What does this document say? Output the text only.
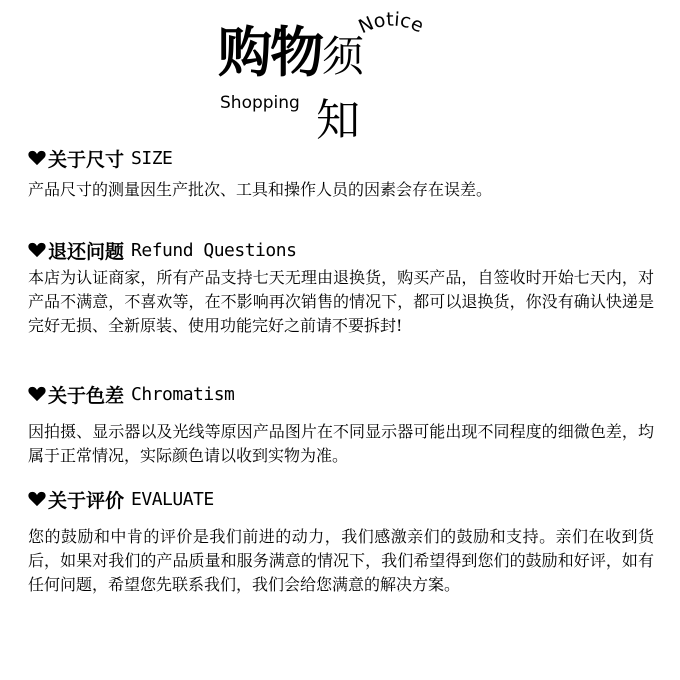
购物须
Notice
Shopping 知
关于尺寸 SIZE

产品尺寸的测量因生产批次、工具和操作人员的因素会存在误差。

退还问题 Refund Questions

本店为认证商家，所有产品支持七天无理由退换货，购买产品，自签收时开始七天内，对产品不满意，不喜欢等，在不影响再次销售的情况下，都可以退换货，你没有确认快递是完好无损、全新原装、使用功能完好之前请不要拆封!

关于色差 Chromatism

因拍摄、显示器以及光线等原因产品图片在不同显示器可能出现不同程度的细微色差，均属于正常情况，实际颜色请以收到实物为准。

关于评价 EVALUATE

您的鼓励和中肯的评价是我们前进的动力，我们感激亲们的鼓励和支持。亲们在收到货后，如果对我们的产品质量和服务满意的情况下，我们希望得到您们的鼓励和好评，如有任何问题，希望您先联系我们，我们会给您满意的解决方案。
